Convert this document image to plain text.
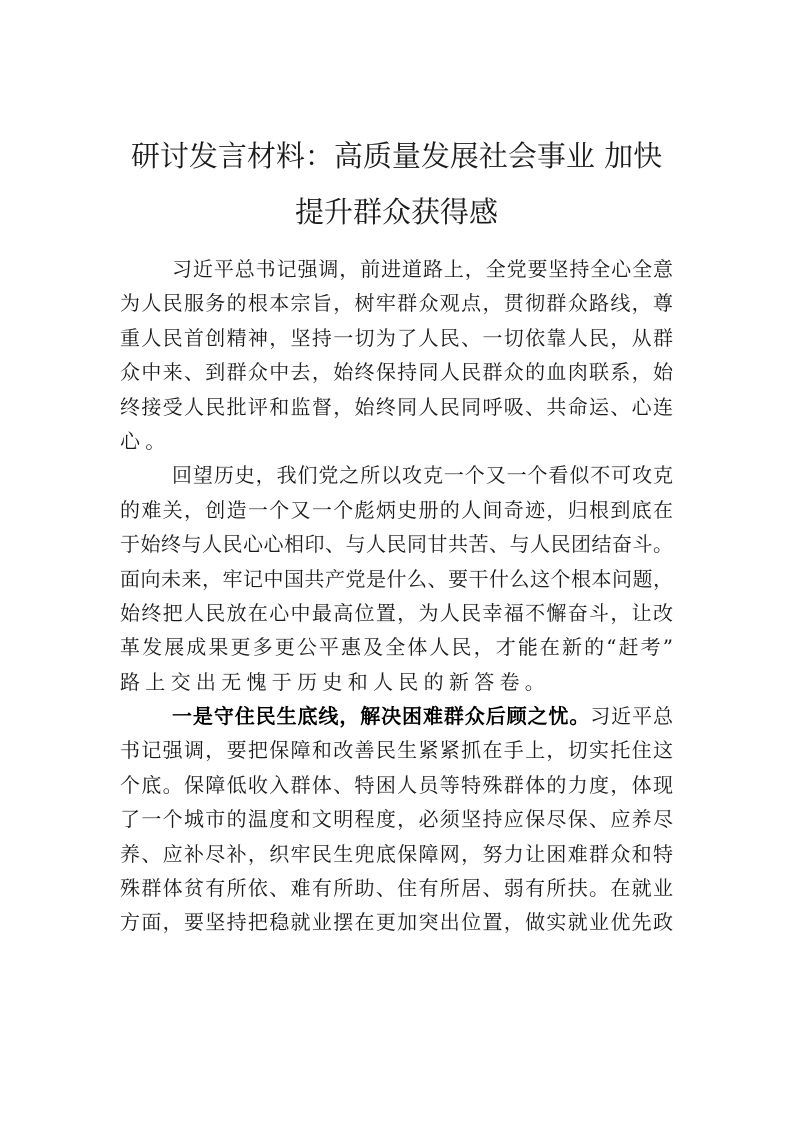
研讨发言材料：高质量发展社会事业 加快
提升群众获得感
习近平总书记强调，前进道路上，全党要坚持全心全意
为人民服务的根本宗旨，树牢群众观点，贯彻群众路线，尊
重人民首创精神，坚持一切为了人民、一切依靠人民，从群
众中来、到群众中去，始终保持同人民群众的血肉联系，始
终接受人民批评和监督，始终同人民同呼吸、共命运、心连
心。
回望历史，我们党之所以攻克一个又一个看似不可攻克
的难关，创造一个又一个彪炳史册的人间奇迹，归根到底在
于始终与人民心心相印、与人民同甘共苦、与人民团结奋斗。
面向未来，牢记中国共产党是什么、要干什么这个根本问题，
始终把人民放在心中最高位置，为人民幸福不懈奋斗，让改
革发展成果更多更公平惠及全体人民，才能在新的“赶考”
路上交出无愧于历史和人民的新答卷。
一是守住民生底线，解决困难群众后顾之忧。习近平总
书记强调，要把保障和改善民生紧紧抓在手上，切实托住这
个底。保障低收入群体、特困人员等特殊群体的力度，体现
了一个城市的温度和文明程度，必须坚持应保尽保、应养尽
养、应补尽补，织牢民生兜底保障网，努力让困难群众和特
殊群体贫有所依、难有所助、住有所居、弱有所扶。在就业
方面，要坚持把稳就业摆在更加突出位置，做实就业优先政
